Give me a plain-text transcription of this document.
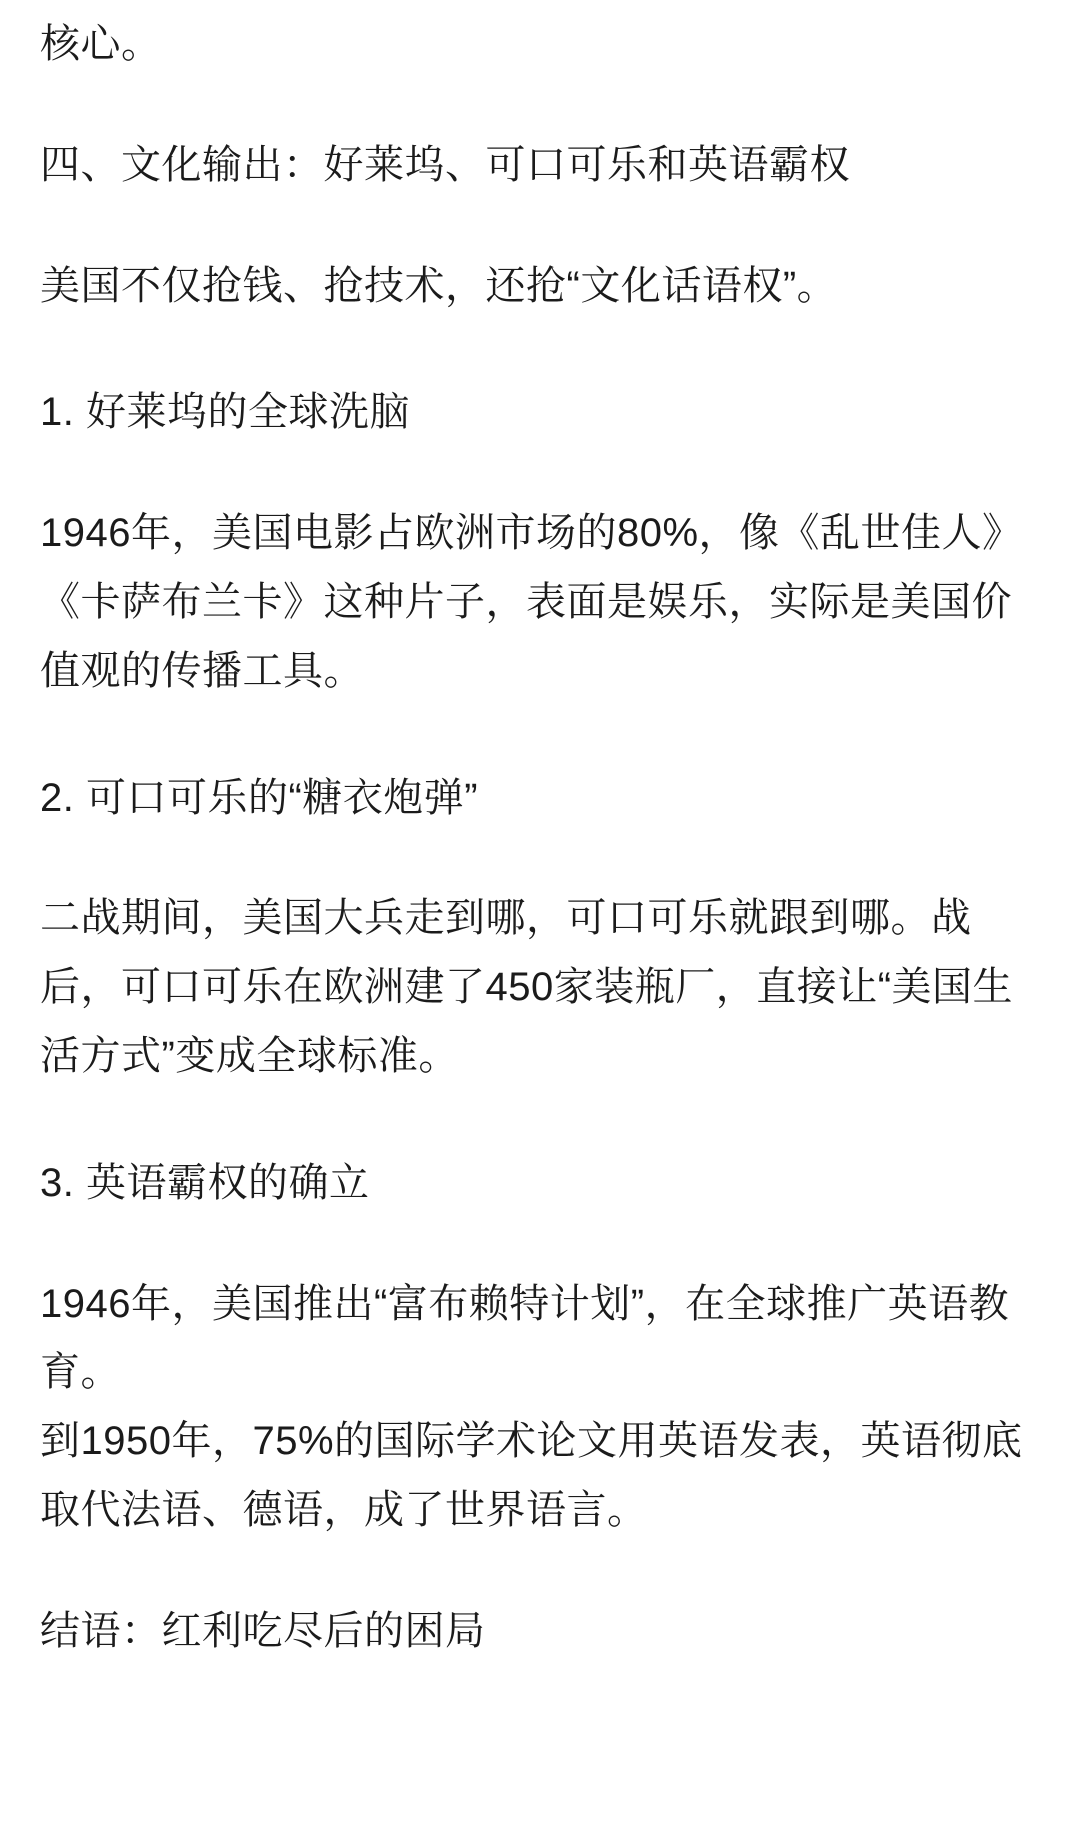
核心。

四、文化输出：好莱坞、可口可乐和英语霸权

美国不仅抢钱、抢技术，还抢“文化话语权”。

1. 好莱坞的全球洗脑

1946年，美国电影占欧洲市场的80%，像《乱世佳人》《卡萨布兰卡》这种片子，表面是娱乐，实际是美国价值观的传播工具。

2. 可口可乐的“糖衣炮弹”

二战期间，美国大兵走到哪，可口可乐就跟到哪。战后，可口可乐在欧洲建了450家装瓶厂，直接让“美国生活方式”变成全球标准。

3. 英语霸权的确立

1946年，美国推出“富布赖特计划”，在全球推广英语教育。

到1950年，75%的国际学术论文用英语发表，英语彻底取代法语、德语，成了世界语言。

结语：红利吃尽后的困局
